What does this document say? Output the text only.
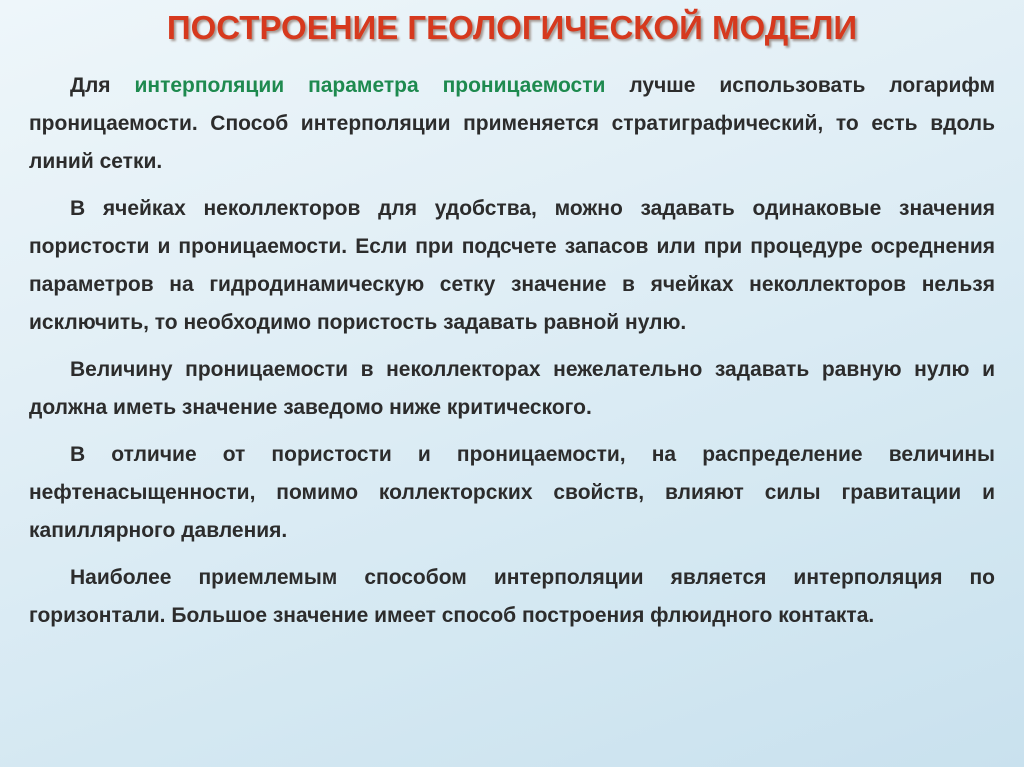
ПОСТРОЕНИЕ ГЕОЛОГИЧЕСКОЙ МОДЕЛИ

Для интерполяции параметра проницаемости лучше использовать логарифм проницаемости. Способ интерполяции применяется стратиграфический, то есть вдоль линий сетки.

В ячейках неколлекторов для удобства, можно задавать одинаковые значения пористости и проницаемости. Если при подсчете запасов или при процедуре осреднения параметров на гидродинамическую сетку значение в ячейках неколлекторов нельзя исключить, то необходимо пористость задавать равной нулю.

Величину проницаемости в неколлекторах нежелательно задавать равную нулю и должна иметь значение заведомо ниже критического.

В отличие от пористости и проницаемости, на распределение величины нефтенасыщенности, помимо коллекторских свойств, влияют силы гравитации и капиллярного давления.

Наиболее приемлемым способом интерполяции является интерполяция по горизонтали. Большое значение имеет способ построения флюидного контакта.
